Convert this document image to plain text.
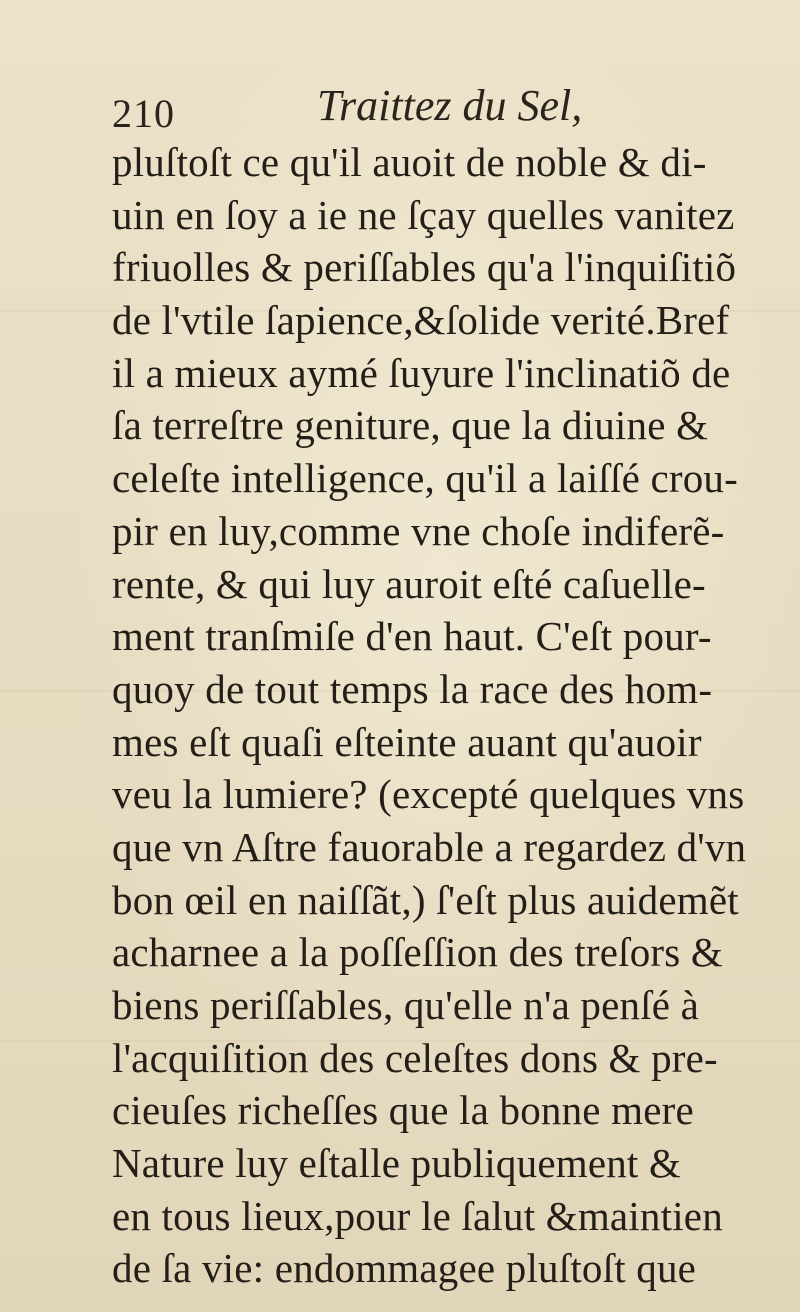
210	Traittez du Sel,
pluſtoſt ce qu'il auoit de noble & di-
uin en ſoy a ie ne ſçay quelles vanitez
friuolles & periſſables qu'a l'inquiſitiõ
de l'vtile ſapience,&ſolide verité.Bref
il a mieux aymé ſuyure l'inclinatiõ de
ſa terreſtre geniture, que la diuine &
celeſte intelligence, qu'il a laiſſé crou-
pir en luy,comme vne choſe indiferẽ-
rente, & qui luy auroit eſté caſuelle-
ment tranſmiſe d'en haut. C'eſt pour-
quoy de tout temps la race des hom-
mes eſt quaſi eſteinte auant qu'auoir
veu la lumiere? (excepté quelques vns
que vn Aſtre fauorable a regardez d'vn
bon œil en naiſſãt,) ſ'eſt plus auidemẽt
acharnee a la poſſeſſion des treſors &
biens periſſables, qu'elle n'a penſé à
l'acquiſition des celeſtes dons & pre-
cieuſes richeſſes que la bonne mere
Nature luy eſtalle publiquement &
en tous lieux,pour le ſalut &maintien
de ſa vie: endommagee pluſtoſt que
